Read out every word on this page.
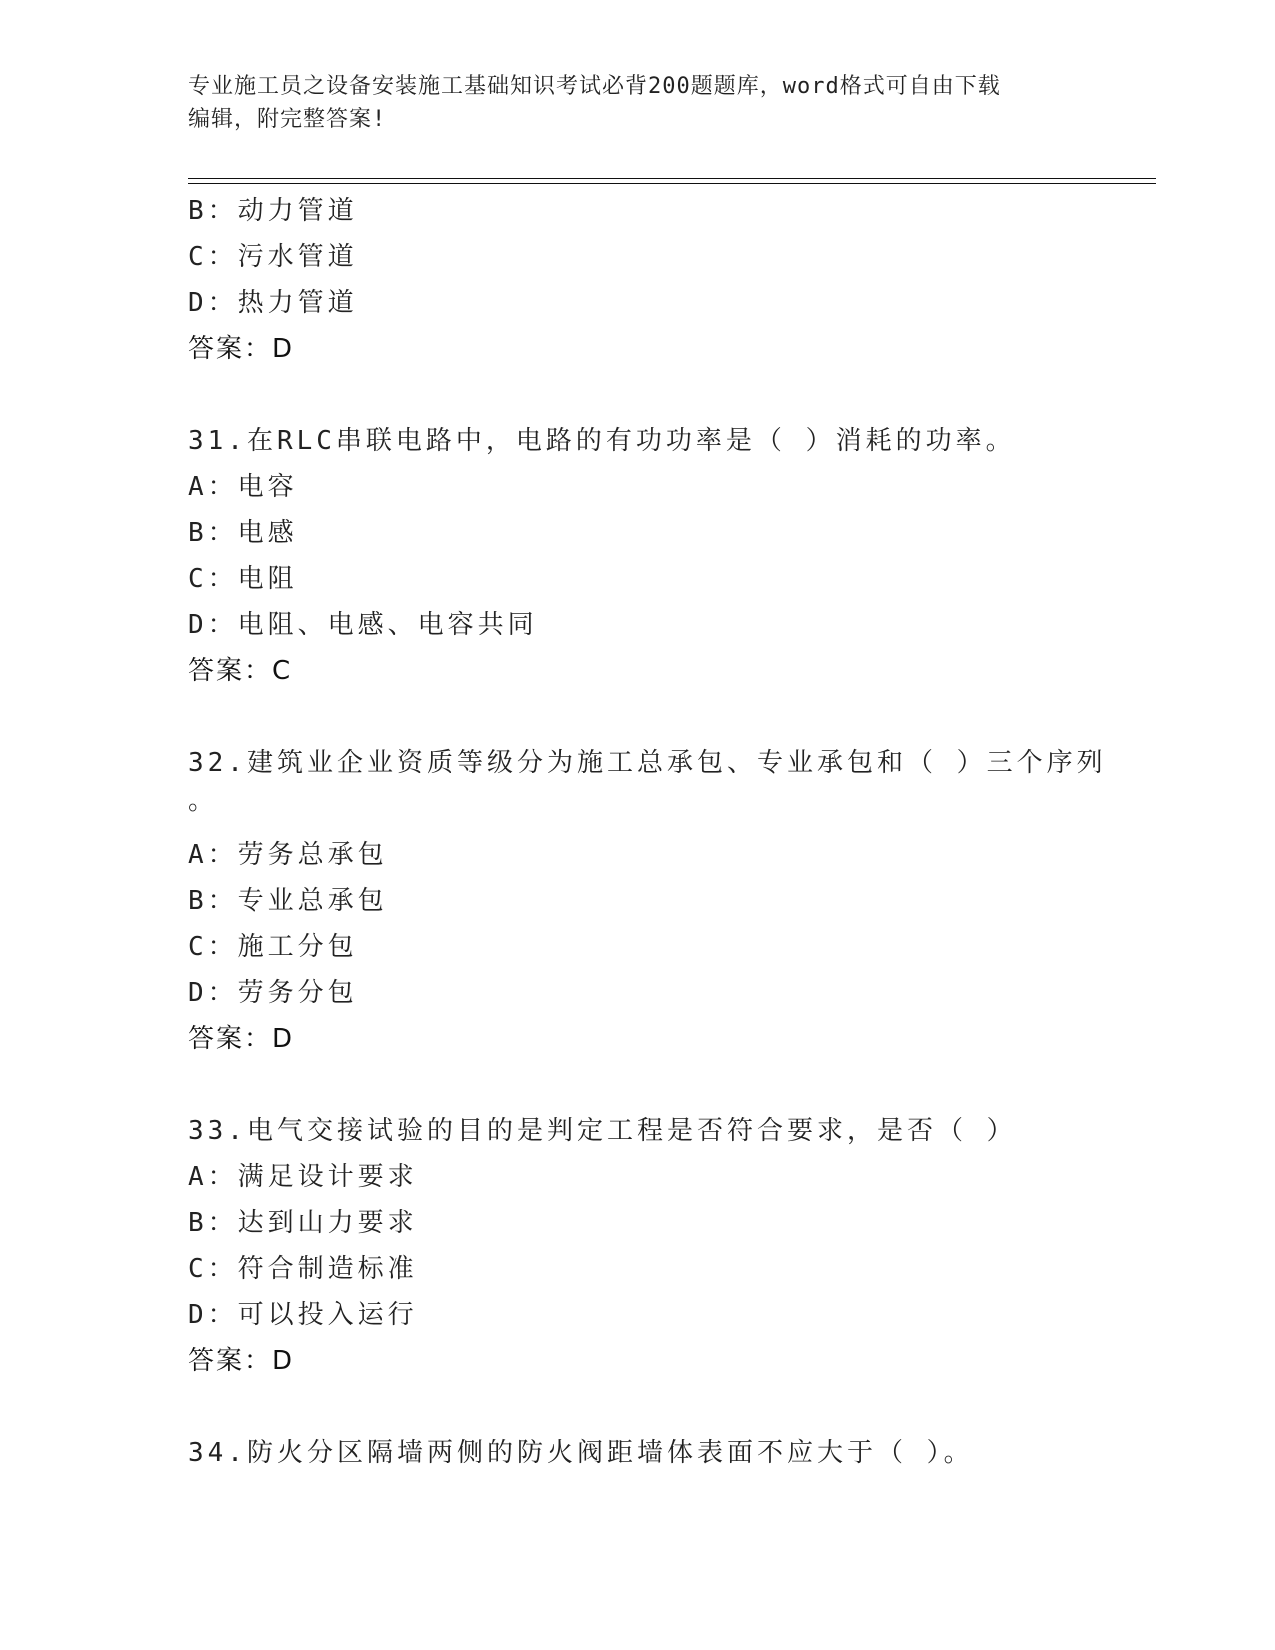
专业施工员之设备安装施工基础知识考试必背200题题库，word格式可自由下载
编辑，附完整答案!
B：动力管道
C：污水管道
D：热力管道
答案：D
31.在RLC串联电路中，电路的有功功率是（ ）消耗的功率。
A：电容
B：电感
C：电阻
D：电阻、电感、电容共同
答案：C
32.建筑业企业资质等级分为施工总承包、专业承包和（ ）三个序列
。
A：劳务总承包
B：专业总承包
C：施工分包
D：劳务分包
答案：D
33.电气交接试验的目的是判定工程是否符合要求，是否（ ）
A：满足设计要求
B：达到山力要求
C：符合制造标准
D：可以投入运行
答案：D
34.防火分区隔墙两侧的防火阀距墙体表面不应大于（ ）。
